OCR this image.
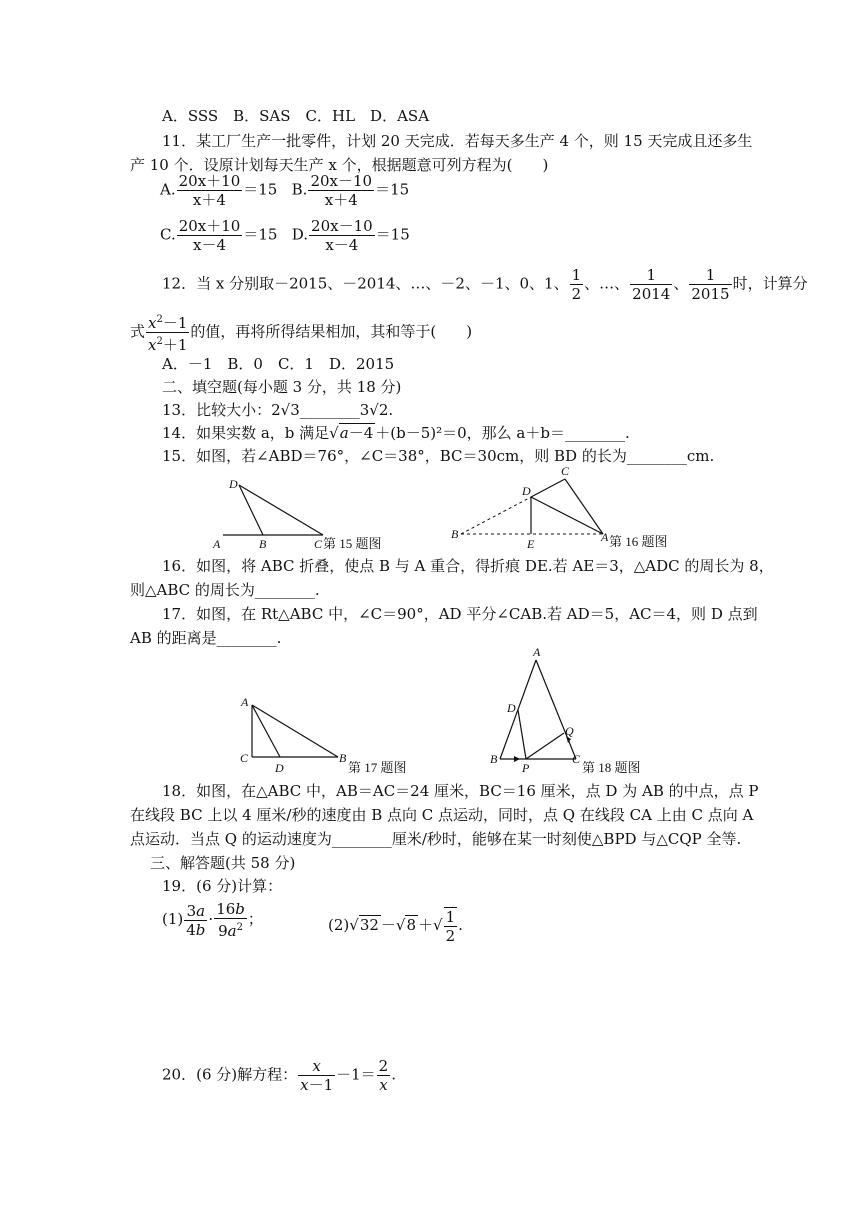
A．SSS　B．SAS　C．HL　D．ASA
11．某工厂生产一批零件，计划 20 天完成．若每天多生产 4 个，则 15 天完成且还多生
产 10 个．设原计划每天生产 x 个，根据题意可列方程为(　　)
A. $\frac{20x+10}{x+4} =15$   B. $\frac{20x-10}{x+4} =15$
C. $\frac{20x+10}{x-4} =15$   D. $\frac{20x-10}{x-4} =15$
12．当 x 分别取－2015、－2014、…、－2、－1、0、1、 $\frac{1}{2}$ 、…、 $\frac{1}{2014}$ 、 $\frac{1}{2015}$ 时，计算分
式 $\frac{x^2-1}{x^2+1}$ 的值，再将所得结果相加，其和等于(　　)
A．－1　B．0　C．1　D．2015
二、填空题(每小题 3 分，共 18 分)
13．比较大小：2√3________3√2.
14．如果实数 a，b 满足√a－4 ＋(b－5)²＝0，那么 a＋b＝________.
15．如图，若∠ABD＝76°，∠C＝38°，BC＝30cm，则 BD 的长为________cm.
D
A	B	C 第 15 题图
C
D
B
E	A 第 16 题图
16．如图，将 ABC 折叠，使点 B 与 A 重合，得折痕 DE.若 AE＝3，△ADC 的周长为 8，
则△ABC 的周长为________.
17．如图，在 Rt△ABC 中，∠C＝90°，AD 平分∠CAB.若 AD＝5，AC＝4，则 D 点到
AB 的距离是________.
A
C
D
B
第 17 题图
A
D
Q
B
P
C
第 18 题图
18．如图，在△ABC 中，AB＝AC＝24 厘米，BC＝16 厘米，点 D 为 AB 的中点，点 P
在线段 BC 上以 4 厘米/秒的速度由 B 点向 C 点运动，同时，点 Q 在线段 CA 上由 C 点向 A
点运动．当点 Q 的运动速度为________厘米/秒时，能够在某一时刻使△BPD 与△CQP 全等.
三、解答题(共 58 分)
19．(6 分)计算：
$(1) \frac{3a}{4b} \cdot \frac{16b}{9a^2}$ ；	(2)√32 －√8 ＋√ $\frac{1}{2}$ .
20．(6 分)解方程： $\frac{x}{x-1} -1= \frac{2}{x}$ .
